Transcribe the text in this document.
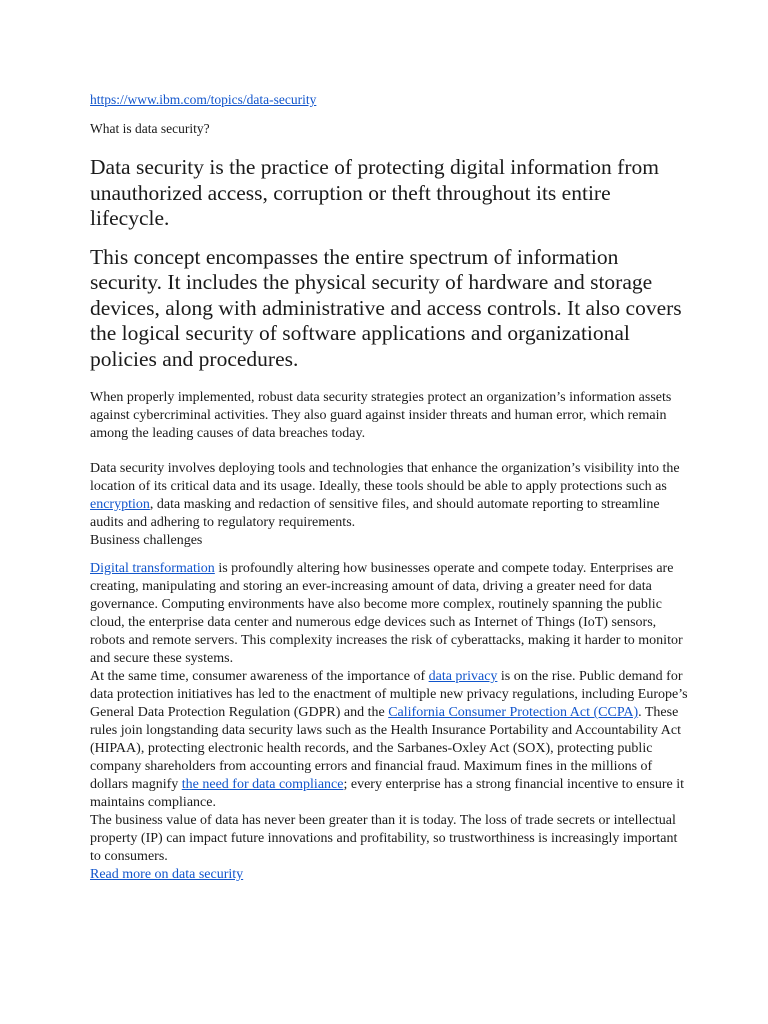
https://www.ibm.com/topics/data-security

What is data security?

Data security is the practice of protecting digital information from unauthorized access, corruption or theft throughout its entire lifecycle.

This concept encompasses the entire spectrum of information security. It includes the physical security of hardware and storage devices, along with administrative and access controls. It also covers the logical security of software applications and organizational policies and procedures.

When properly implemented, robust data security strategies protect an organization’s information assets against cybercriminal activities. They also guard against insider threats and human error, which remain among the leading causes of data breaches today.

Data security involves deploying tools and technologies that enhance the organization’s visibility into the location of its critical data and its usage. Ideally, these tools should be able to apply protections such as encryption, data masking and redaction of sensitive files, and should automate reporting to streamline audits and adhering to regulatory requirements.

Business challenges

Digital transformation is profoundly altering how businesses operate and compete today. Enterprises are creating, manipulating and storing an ever-increasing amount of data, driving a greater need for data governance. Computing environments have also become more complex, routinely spanning the public cloud, the enterprise data center and numerous edge devices such as Internet of Things (IoT) sensors, robots and remote servers. This complexity increases the risk of cyberattacks, making it harder to monitor and secure these systems.

At the same time, consumer awareness of the importance of data privacy is on the rise. Public demand for data protection initiatives has led to the enactment of multiple new privacy regulations, including Europe’s General Data Protection Regulation (GDPR) and the California Consumer Protection Act (CCPA). These rules join longstanding data security laws such as the Health Insurance Portability and Accountability Act (HIPAA), protecting electronic health records, and the Sarbanes-Oxley Act (SOX), protecting public company shareholders from accounting errors and financial fraud. Maximum fines in the millions of dollars magnify the need for data compliance; every enterprise has a strong financial incentive to ensure it maintains compliance.

The business value of data has never been greater than it is today. The loss of trade secrets or intellectual property (IP) can impact future innovations and profitability, so trustworthiness is increasingly important to consumers.

Read more on data security
